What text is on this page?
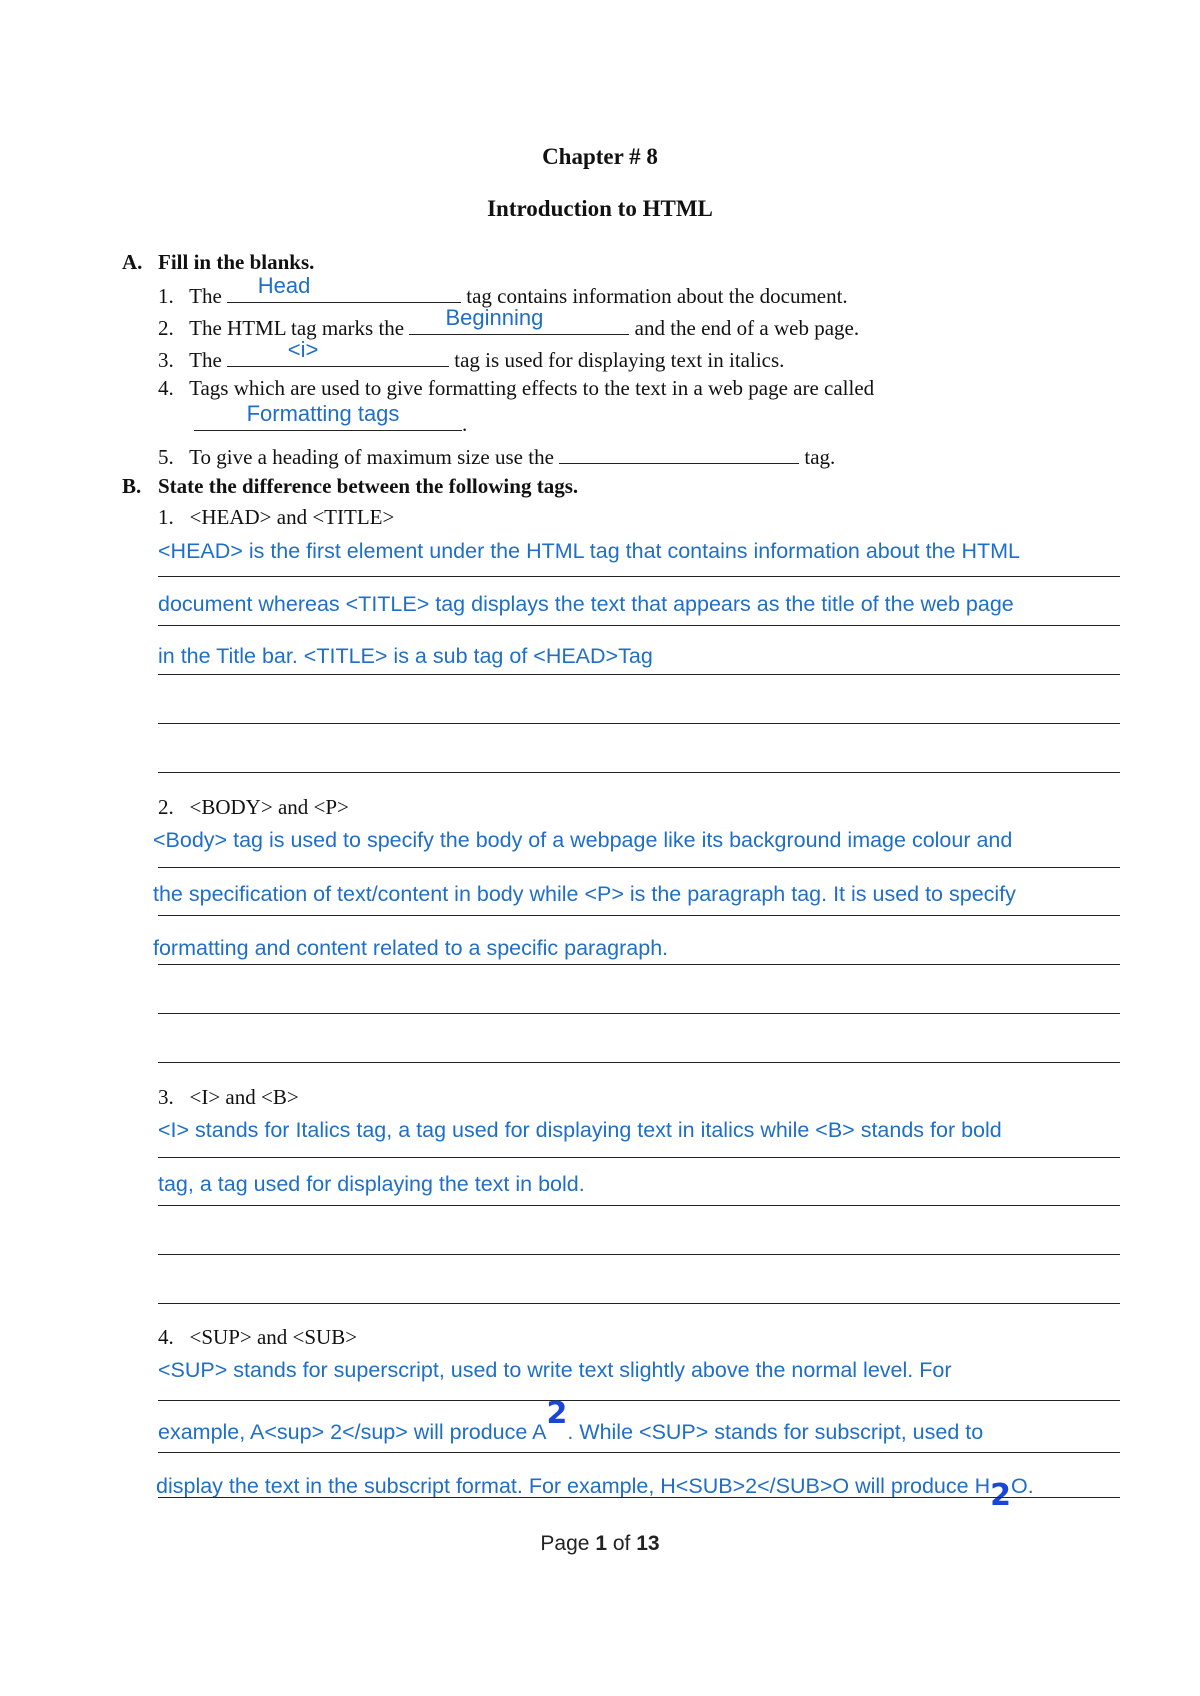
Chapter # 8
Introduction to HTML
A. Fill in the blanks.
1. The	Head	tag contains information about the document.
2. The HTML tag marks the	Beginning	and the end of a web page.
3. The	<i>	tag is used for displaying text in italics.
4. Tags which are used to give formatting effects to the text in a web page are called
Formatting tags	.
5. To give a heading of maximum size use the	tag.
B. State the difference between the following tags.
1. <HEAD> and <TITLE>
<HEAD> is the first element under the HTML tag that contains information about the HTML
document whereas <TITLE> tag displays the text that appears as the title of the web page
in the Title bar. <TITLE> is a sub tag of <HEAD>Tag
2. <BODY> and <P>
<Body> tag is used to specify the body of a webpage like its background image colour and
the specification of text/content in body while <P> is the paragraph tag. It is used to specify
formatting and content related to a specific paragraph.
3. <I> and <B>
<I> stands for Italics tag, a tag used for displaying text in italics while <B> stands for bold
tag, a tag used for displaying the text in bold.
4. <SUP> and <SUB>
<SUP> stands for superscript, used to write text slightly above the normal level. For
example, A<sup> 2</sup> will produce A2. While <SUP> stands for subscript, used to
display the text in the subscript format. For example, H<SUB>2</SUB>O will produce H2O.
Page 1 of 13
